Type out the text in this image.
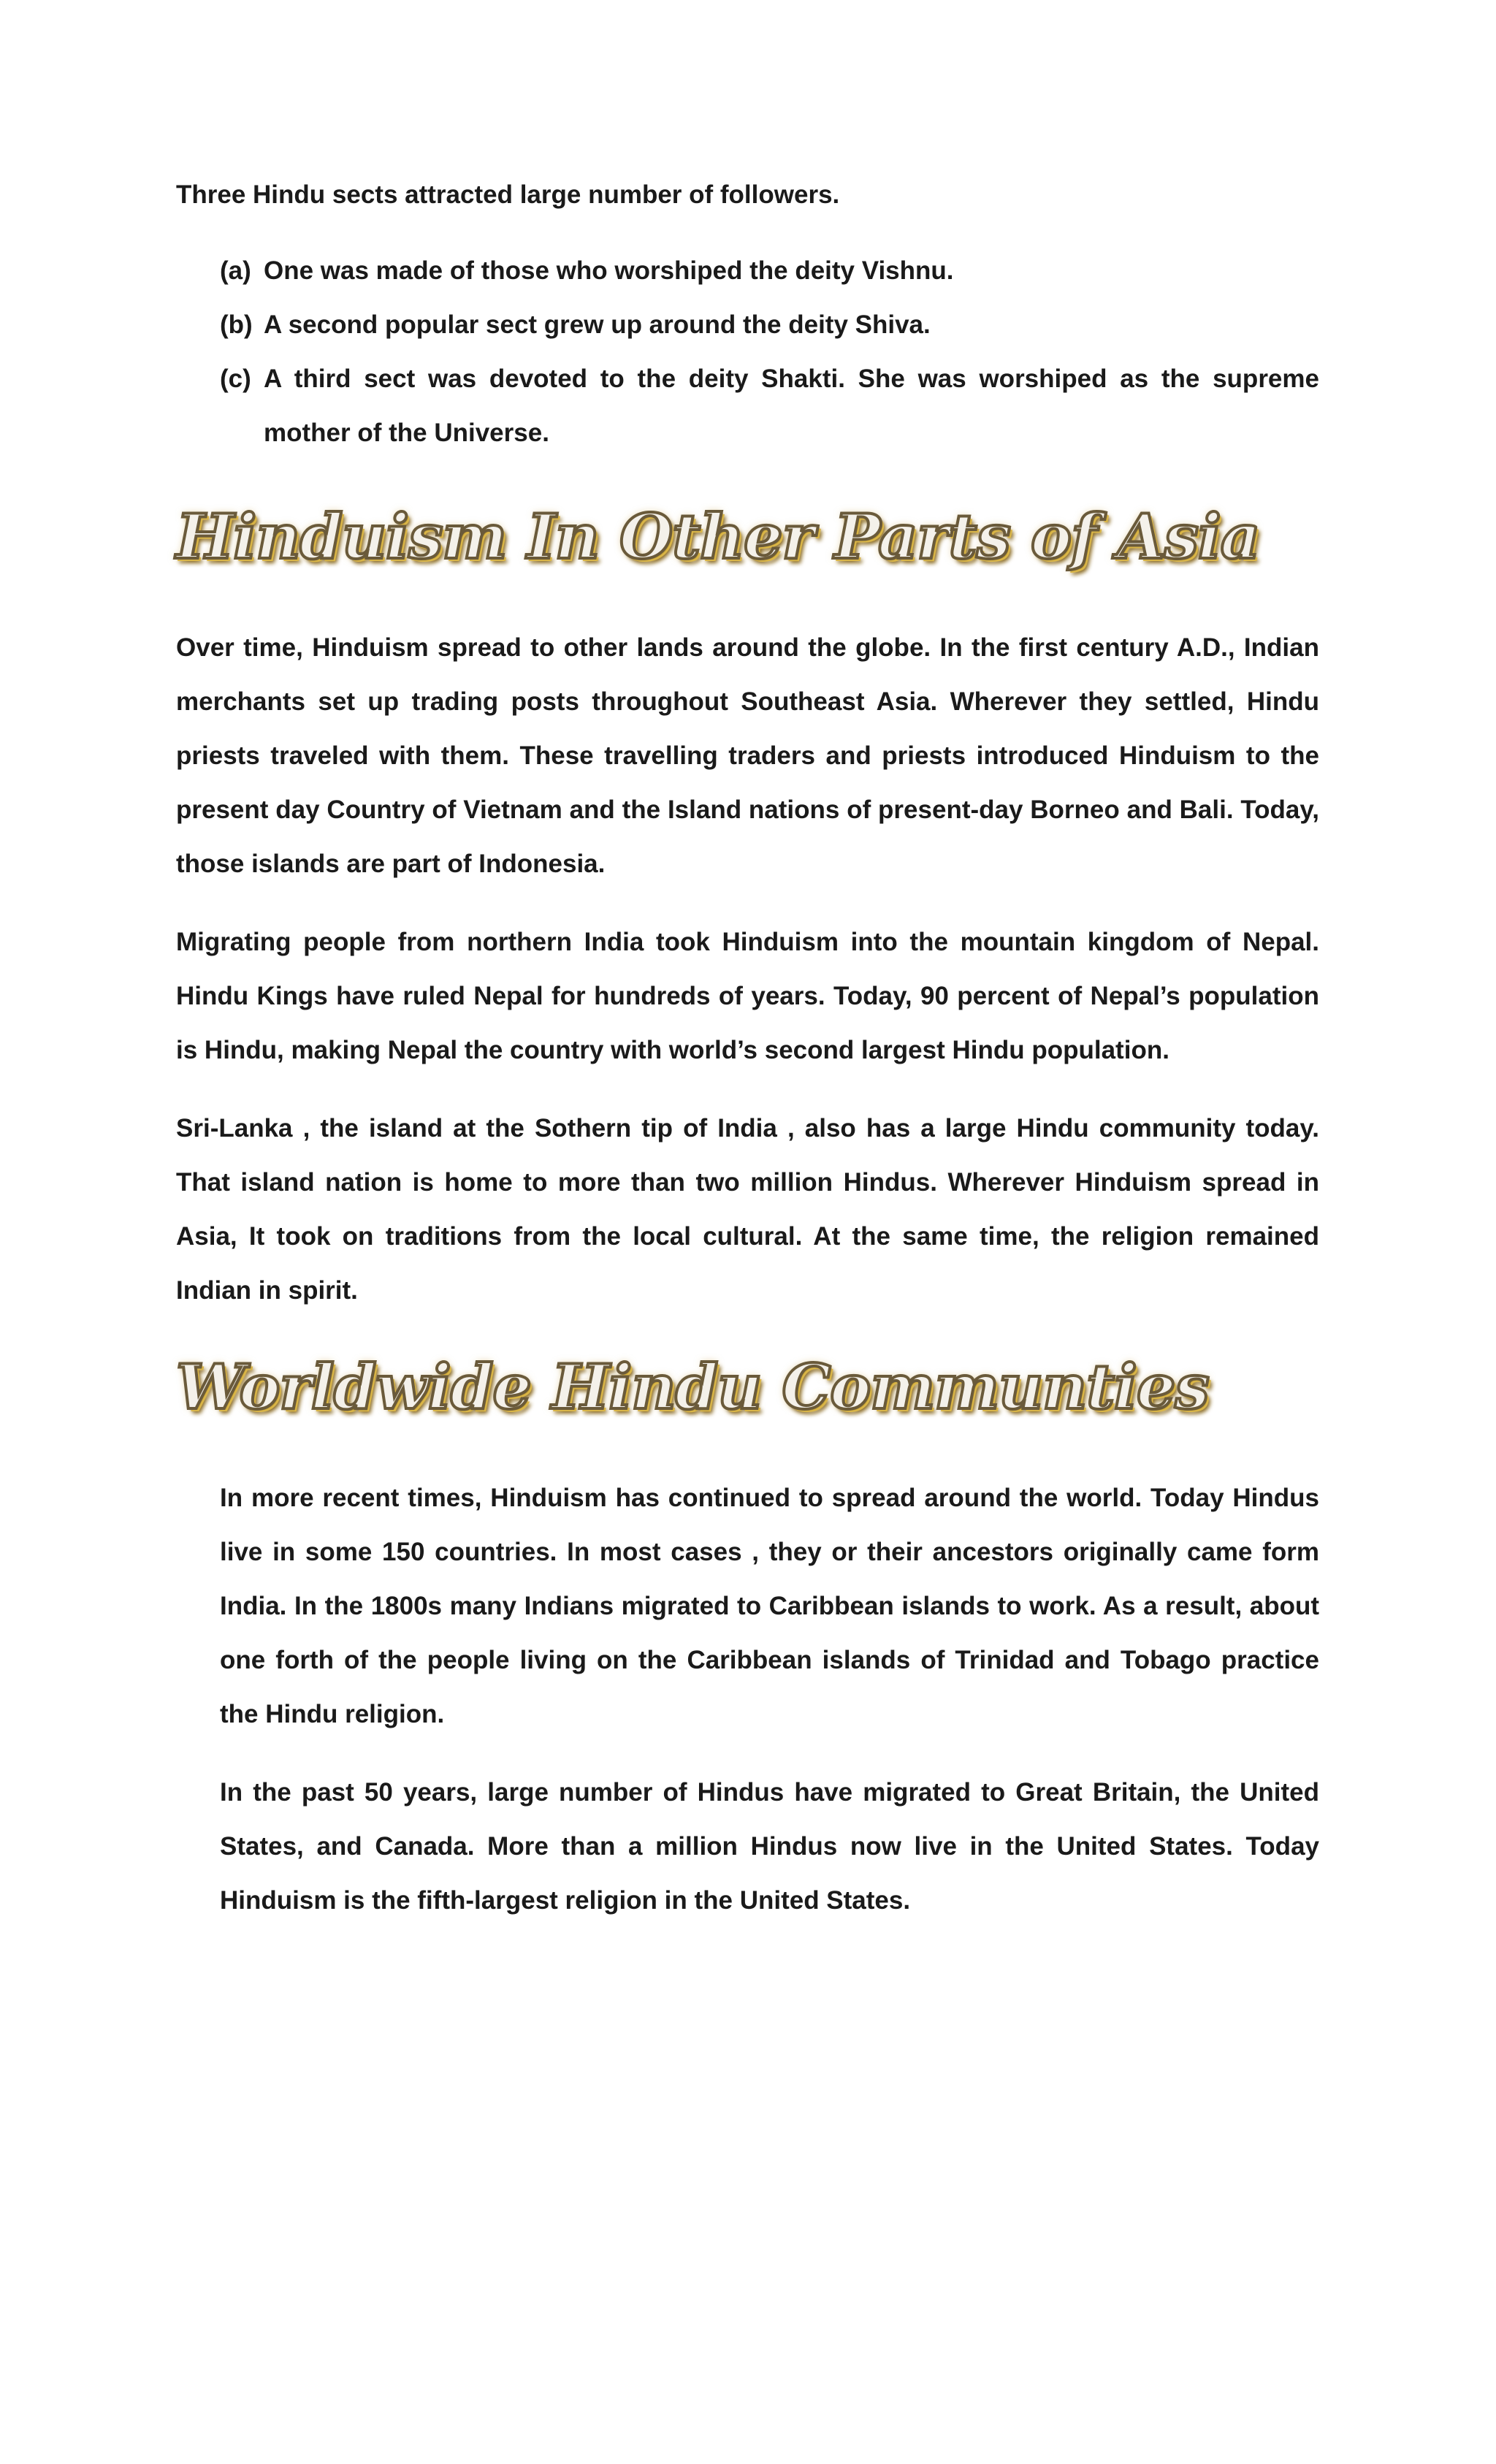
Three Hindu sects attracted large number of followers.

(a) One was made of those who worshiped the deity Vishnu.
(b) A second popular sect grew up around the deity Shiva.
(c) A third sect was devoted to the deity Shakti. She was worshiped as the supreme mother of the Universe.
Hinduism In Other Parts of Asia

Over time, Hinduism spread to other lands around the globe. In the first century A.D., Indian merchants set up trading posts throughout Southeast Asia. Wherever they settled, Hindu priests traveled with them. These travelling traders and priests introduced Hinduism to the present day Country of Vietnam and the Island nations of present-day Borneo and Bali. Today, those islands are part of Indonesia.

Migrating people from northern India took Hinduism into the mountain kingdom of Nepal. Hindu Kings have ruled Nepal for hundreds of years. Today, 90 percent of Nepal’s population is Hindu, making Nepal the country with world’s second largest Hindu population.

Sri-Lanka , the island at the Sothern tip of India , also has a large Hindu community today. That island nation is home to more than two million Hindus. Wherever Hinduism spread in Asia, It took on traditions from the local cultural. At the same time, the religion remained Indian in spirit.

Worldwide Hindu Communties

In more recent times, Hinduism has continued to spread around the world. Today Hindus live in some 150 countries. In most cases , they or their ancestors originally came form India. In the 1800s many Indians migrated to Caribbean islands to work. As a result, about one forth of the people living on the Caribbean islands of Trinidad and Tobago practice the Hindu religion.

In the past 50 years, large number of Hindus have migrated to Great Britain, the United States, and Canada. More than a million Hindus now live in the United States. Today Hinduism is the fifth-largest religion in the United States.
